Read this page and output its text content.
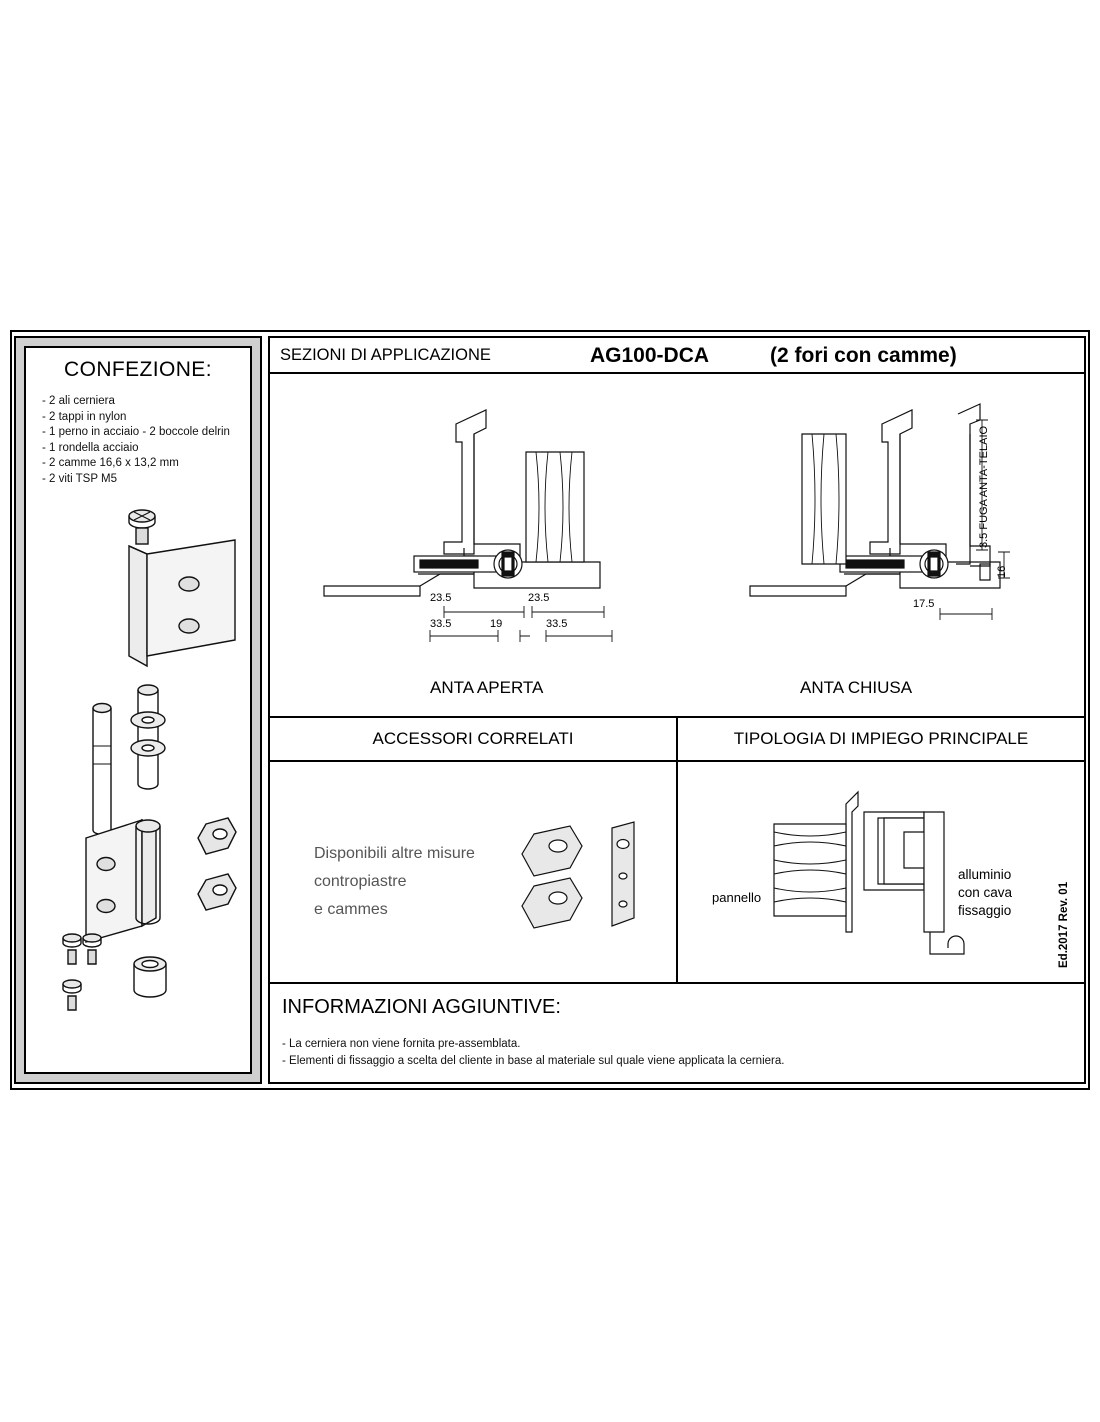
CONFEZIONE:
- 2 ali cerniera
- 2 tappi in nylon
- 1 perno in acciaio - 2 boccole delrin
- 1 rondella acciaio
- 2 camme 16,6 x 13,2 mm
- 2 viti TSP M5
SEZIONI DI APPLICAZIONE	AG100-DCA	(2 fori con camme)
23.5	23.5
33.5	19	33.5
17.5
16
3.5 FUGA ANTA-TELAIO
ANTA APERTA	ANTA CHIUSA
ACCESSORI CORRELATI	TIPOLOGIA DI IMPIEGO PRINCIPALE
Disponibili altre misure
contropiastre
e cammes
pannello
alluminio
con cava
fissaggio
INFORMAZIONI AGGIUNTIVE:
- La cerniera non viene fornita pre-assemblata.
- Elementi di fissaggio a scelta del cliente in base al materiale sul quale viene applicata la cerniera.
Ed.2017 Rev. 01
